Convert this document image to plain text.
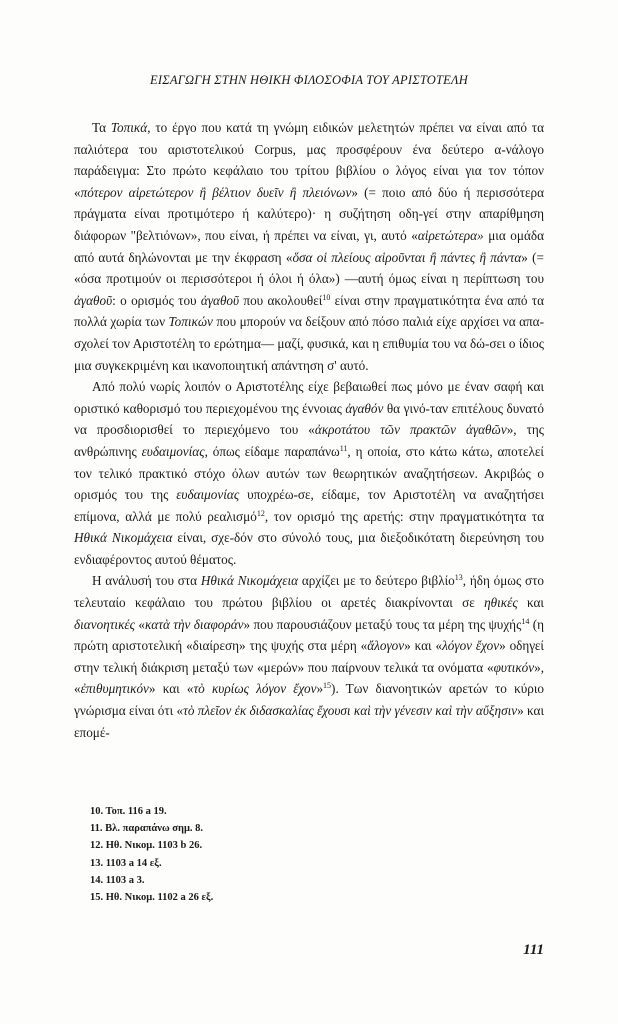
ΕΙΣΑΓΩΓΗ ΣΤΗΝ ΗΘΙΚΗ ΦΙΛΟΣΟΦΙΑ ΤΟΥ ΑΡΙΣΤΟΤΕΛΗ

Τα Τοπικά, το έργο που κατά τη γνώμη ειδικών μελετητών πρέπει να είναι από τα παλιότερα του αριστοτελικού Corpus, μας προσφέρουν ένα δεύτερο α-νάλογο παράδειγμα: Στο πρώτο κεφάλαιο του τρίτου βιβλίου ο λόγος είναι για τον τόπον «πότερον αἱρετώτερον ἢ βέλτιον δυεῖν ἢ πλειόνων» (= ποιο από δύο ή περισσότερα πράγματα είναι προτιμότερο ή καλύτερο)· η συζήτηση οδη-γεί στην απαρίθμηση διάφορων "βελτιόνων», που είναι, ή πρέπει να είναι, γι, αυτό «αἱρετώτερα» μια ομάδα από αυτά δηλώνονται με την έκφραση «ὅσα οἱ πλείους αἱροῦνται ἢ πάντες ἢ πάντα» (= «όσα προτιμούν οι περισσότεροι ή όλοι ή όλα») —αυτή όμως είναι η περίπτωση του ἀγαθοῦ: ο ορισμός του ἀγαθοῦ που ακολουθεί$^{10}$ είναι στην πραγματικότητα ένα από τα πολλά χωρία των Τοπικών που μπορούν να δείξουν από πόσο παλιά είχε αρχίσει να απα-σχολεί τον Αριστοτέλη το ερώτημα— μαζί, φυσικά, και η επιθυμία του να δώ-σει ο ίδιος μια συγκεκριμένη και ικανοποιητική απάντηση σ' αυτό.

Από πολύ νωρίς λοιπόν ο Αριστοτέλης είχε βεβαιωθεί πως μόνο με έναν σαφή και οριστικό καθορισμό του περιεχομένου της έννοιας ἀγαθόν θα γινό-ταν επιτέλους δυνατό να προσδιορισθεί το περιεχόμενο του «ἀκροτάτου τῶν πρακτῶν ἀγαθῶν», της ανθρώπινης ευδαιμονίας, όπως είδαμε παραπάνω$^{11}$, η οποία, στο κάτω κάτω, αποτελεί τον τελικό πρακτικό στόχο όλων αυτών των θεωρητικών αναζητήσεων. Ακριβώς ο ορισμός του της ευδαιμονίας υποχρέω-σε, είδαμε, τον Αριστοτέλη να αναζητήσει επίμονα, αλλά με πολύ ρεαλισμό$^{12}$, τον ορισμό της αρετής: στην πραγματικότητα τα Ηθικά Νικομάχεια είναι, σχε-δόν στο σύνολό τους, μια διεξοδικότατη διερεύνηση του ενδιαφέροντος αυτού θέματος.

Η ανάλυσή του στα Ηθικά Νικομάχεια αρχίζει με το δεύτερο βιβλίο$^{13}$, ήδη όμως στο τελευταίο κεφάλαιο του πρώτου βιβλίου οι αρετές διακρίνονται σε ηθικές και διανοητικές «κατὰ τὴν διαφοράν» που παρουσιάζουν μεταξύ τους τα μέρη της ψυχής$^{14}$ (η πρώτη αριστοτελική «διαίρεση» της ψυχής στα μέρη «ἄλογον» και «λόγον ἔχον» οδηγεί στην τελική διάκριση μεταξύ των «μερών» που παίρνουν τελικά τα ονόματα «φυτικόν», «ἐπιθυμητικόν» και «τὸ κυρίως λόγον ἔχον»$^{15}$). Των διανοητικών αρετών το κύριο γνώρισμα είναι ότι «τὸ πλεῖον ἐκ διδασκαλίας ἔχουσι καὶ τὴν γένεσιν καὶ τὴν αὔξησιν» και επομέ-

10. Τοπ. 116 a 19.
11. Βλ. παραπάνω σημ. 8.
12. Ηθ. Νικομ. 1103 b 26.
13. 1103 a 14 εξ.
14. 1103 a 3.
15. Ηθ. Νικομ. 1102 a 26 εξ.
111
